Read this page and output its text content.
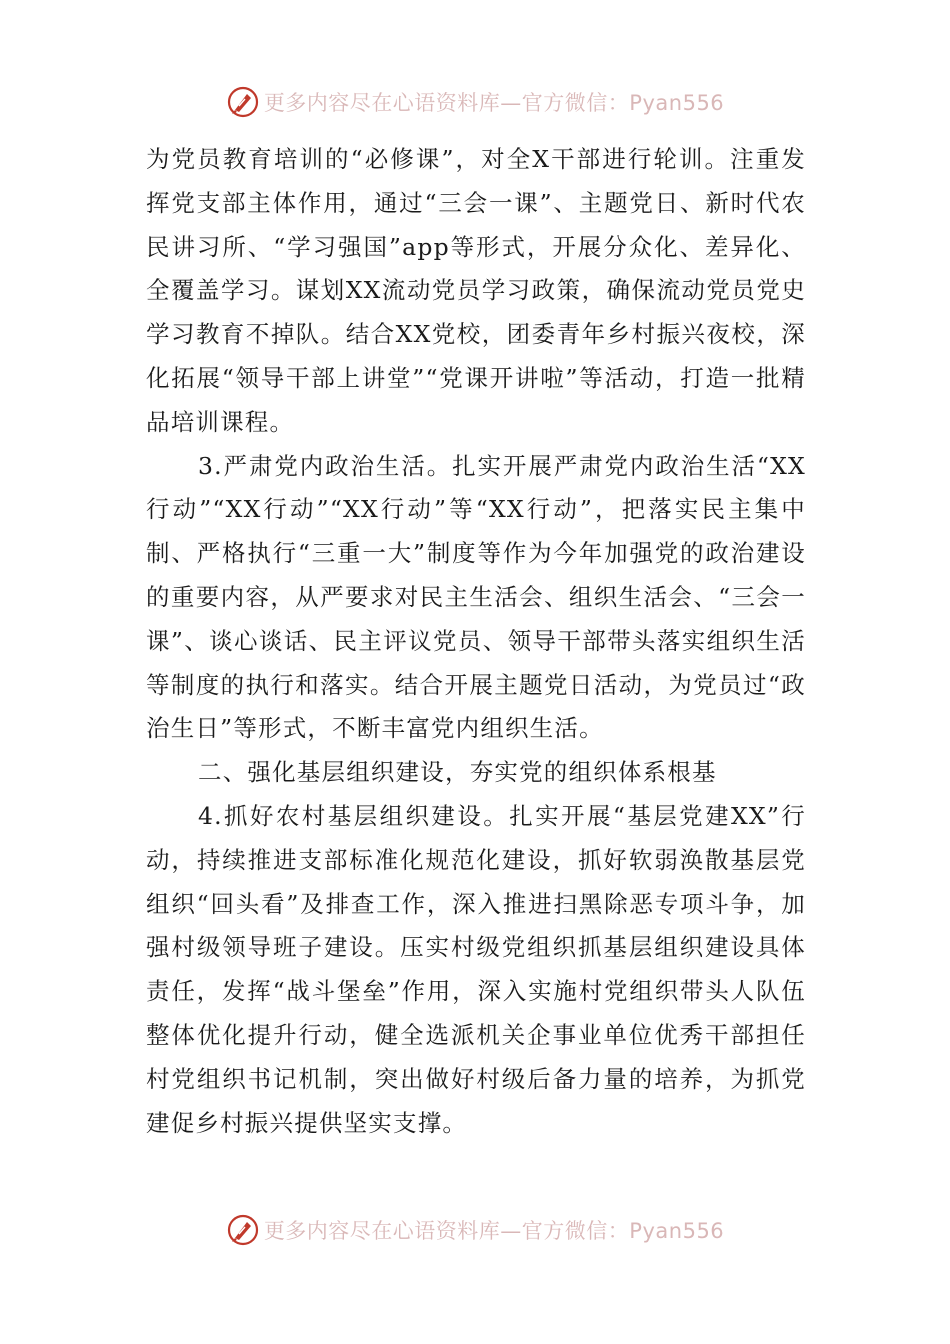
更多内容尽在心语资料库—官方微信：Pyan556

为党员教育培训的“必修课”，对全X干部进行轮训。注重发挥党支部主体作用，通过“三会一课”、主题党日、新时代农民讲习所、“学习强国”app等形式，开展分众化、差异化、全覆盖学习。谋划XX流动党员学习政策，确保流动党员党史学习教育不掉队。结合XX党校，团委青年乡村振兴夜校，深化拓展“领导干部上讲堂”“党课开讲啦”等活动，打造一批精品培训课程。

3.严肃党内政治生活。扎实开展严肃党内政治生活“XX行动”“XX行动”“XX行动”等“XX行动”，把落实民主集中制、严格执行“三重一大”制度等作为今年加强党的政治建设的重要内容，从严要求对民主生活会、组织生活会、“三会一课”、谈心谈话、民主评议党员、领导干部带头落实组织生活等制度的执行和落实。结合开展主题党日活动，为党员过“政治生日”等形式，不断丰富党内组织生活。

二、强化基层组织建设，夯实党的组织体系根基

4.抓好农村基层组织建设。扎实开展“基层党建XX”行动，持续推进支部标准化规范化建设，抓好软弱涣散基层党组织“回头看”及排查工作，深入推进扫黑除恶专项斗争，加强村级领导班子建设。压实村级党组织抓基层组织建设具体责任，发挥“战斗堡垒”作用，深入实施村党组织带头人队伍整体优化提升行动，健全选派机关企事业单位优秀干部担任村党组织书记机制，突出做好村级后备力量的培养，为抓党建促乡村振兴提供坚实支撑。

更多内容尽在心语资料库—官方微信：Pyan556
